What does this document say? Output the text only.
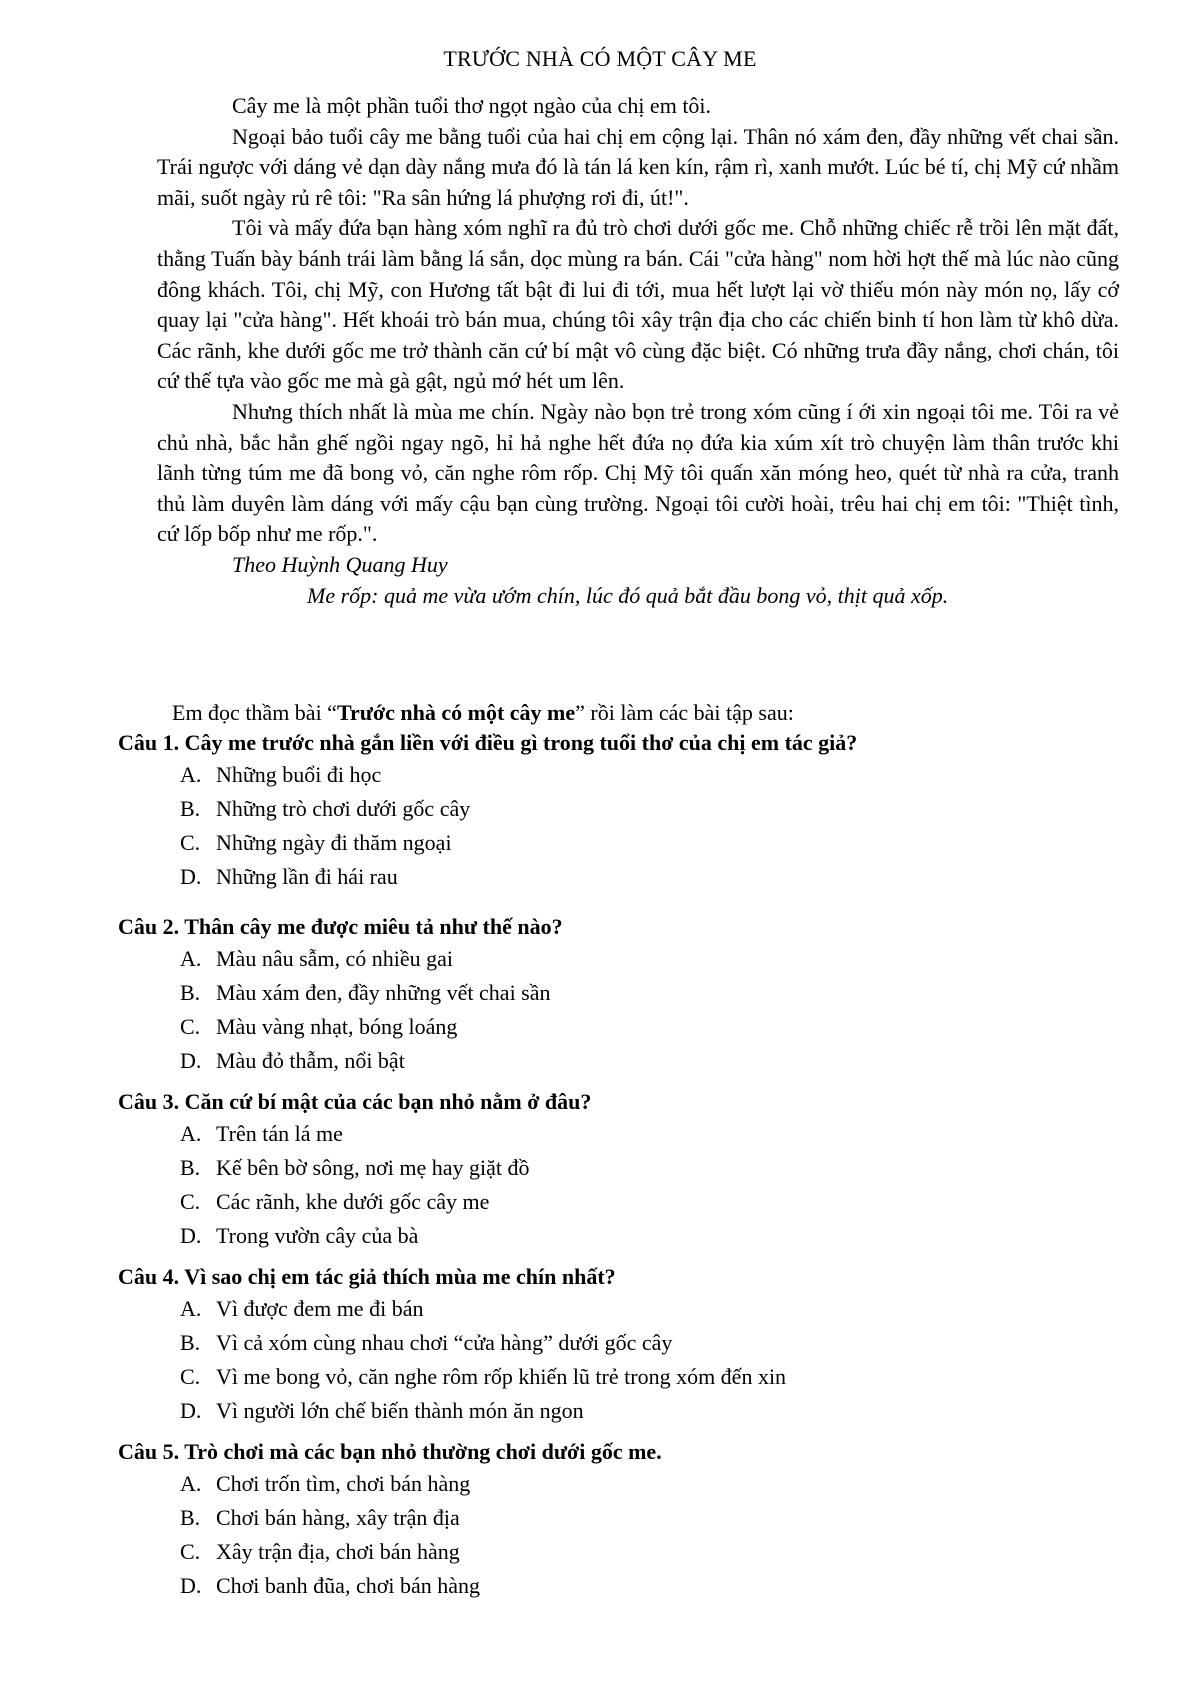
TRƯỚC NHÀ CÓ MỘT CÂY ME

Cây me là một phần tuổi thơ ngọt ngào của chị em tôi.

Ngoại bảo tuổi cây me bằng tuổi của hai chị em cộng lại. Thân nó xám đen, đầy những vết chai sần. Trái ngược với dáng vẻ dạn dày nắng mưa đó là tán lá ken kín, rậm rì, xanh mướt. Lúc bé tí, chị Mỹ cứ nhầm mãi, suốt ngày rủ rê tôi: "Ra sân hứng lá phượng rơi đi, út!".

Tôi và mấy đứa bạn hàng xóm nghĩ ra đủ trò chơi dưới gốc me. Chỗ những chiếc rễ trồi lên mặt đất, thằng Tuấn bày bánh trái làm bằng lá sắn, dọc mùng ra bán. Cái "cửa hàng" nom hời hợt thế mà lúc nào cũng đông khách. Tôi, chị Mỹ, con Hương tất bật đi lui đi tới, mua hết lượt lại vờ thiếu món này món nọ, lấy cớ quay lại "cửa hàng". Hết khoái trò bán mua, chúng tôi xây trận địa cho các chiến binh tí hon làm từ khô dừa. Các rãnh, khe dưới gốc me trở thành căn cứ bí mật vô cùng đặc biệt. Có những trưa đầy nắng, chơi chán, tôi cứ thế tựa vào gốc me mà gà gật, ngủ mớ hét um lên.

Nhưng thích nhất là mùa me chín. Ngày nào bọn trẻ trong xóm cũng í ới xin ngoại tôi me. Tôi ra vẻ chủ nhà, bắc hẳn ghế ngồi ngay ngõ, hỉ hả nghe hết đứa nọ đứa kia xúm xít trò chuyện làm thân trước khi lãnh từng túm me đã bong vỏ, căn nghe rôm rốp. Chị Mỹ tôi quấn xăn móng heo, quét từ nhà ra cửa, tranh thủ làm duyên làm dáng với mấy cậu bạn cùng trường. Ngoại tôi cười hoài, trêu hai chị em tôi: "Thiệt tình, cứ lốp bốp như me rốp.".

Theo Huỳnh Quang Huy

Me rốp: quả me vừa ướm chín, lúc đó quả bắt đầu bong vỏ, thịt quả xốp.

Em đọc thầm bài “Trước nhà có một cây me” rồi làm các bài tập sau:

Câu 1. Cây me trước nhà gắn liền với điều gì trong tuổi thơ của chị em tác giả?

A. Những buổi đi học

B. Những trò chơi dưới gốc cây

C. Những ngày đi thăm ngoại

D. Những lần đi hái rau

Câu 2. Thân cây me được miêu tả như thế nào?

A. Màu nâu sẫm, có nhiều gai

B. Màu xám đen, đầy những vết chai sần

C. Màu vàng nhạt, bóng loáng

D. Màu đỏ thẫm, nổi bật

Câu 3. Căn cứ bí mật của các bạn nhỏ nằm ở đâu?

A. Trên tán lá me

B. Kế bên bờ sông, nơi mẹ hay giặt đồ

C. Các rãnh, khe dưới gốc cây me

D. Trong vườn cây của bà

Câu 4. Vì sao chị em tác giả thích mùa me chín nhất?

A. Vì được đem me đi bán

B. Vì cả xóm cùng nhau chơi “cửa hàng” dưới gốc cây

C. Vì me bong vỏ, căn nghe rôm rốp khiến lũ trẻ trong xóm đến xin

D. Vì người lớn chế biến thành món ăn ngon

Câu 5. Trò chơi mà các bạn nhỏ thường chơi dưới gốc me.

A. Chơi trốn tìm, chơi bán hàng

B. Chơi bán hàng, xây trận địa

C. Xây trận địa, chơi bán hàng

D. Chơi banh đũa, chơi bán hàng
